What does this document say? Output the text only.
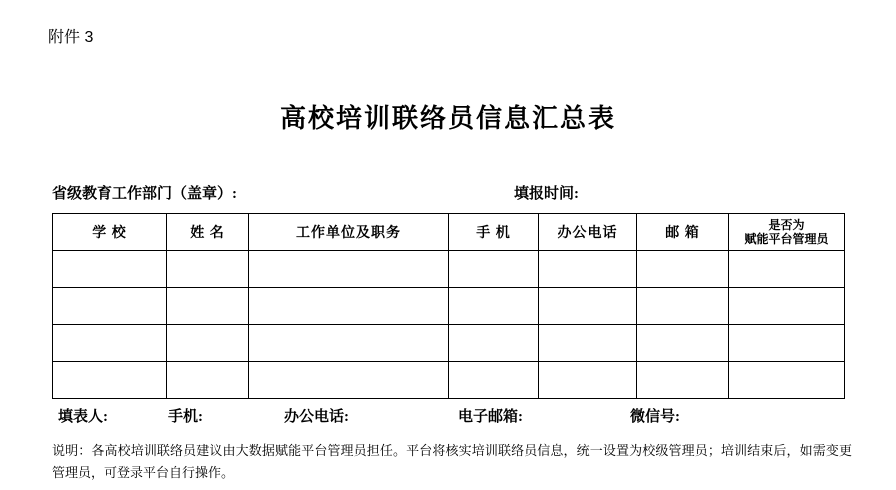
附件 3
高校培训联络员信息汇总表
省级教育工作部门（盖章）:	填报时间:
学 校	姓 名	工作单位及职务	手 机	办公电话	邮 箱	是否为
赋能平台管理员

填表人:	手机:	办公电话:	电子邮箱:	微信号:
说明：各高校培训联络员建议由大数据赋能平台管理员担任。平台将核实培训联络员信息，统一设置为校级管理员；培训结束后，如需变更管理员，可登录平台自行操作。
